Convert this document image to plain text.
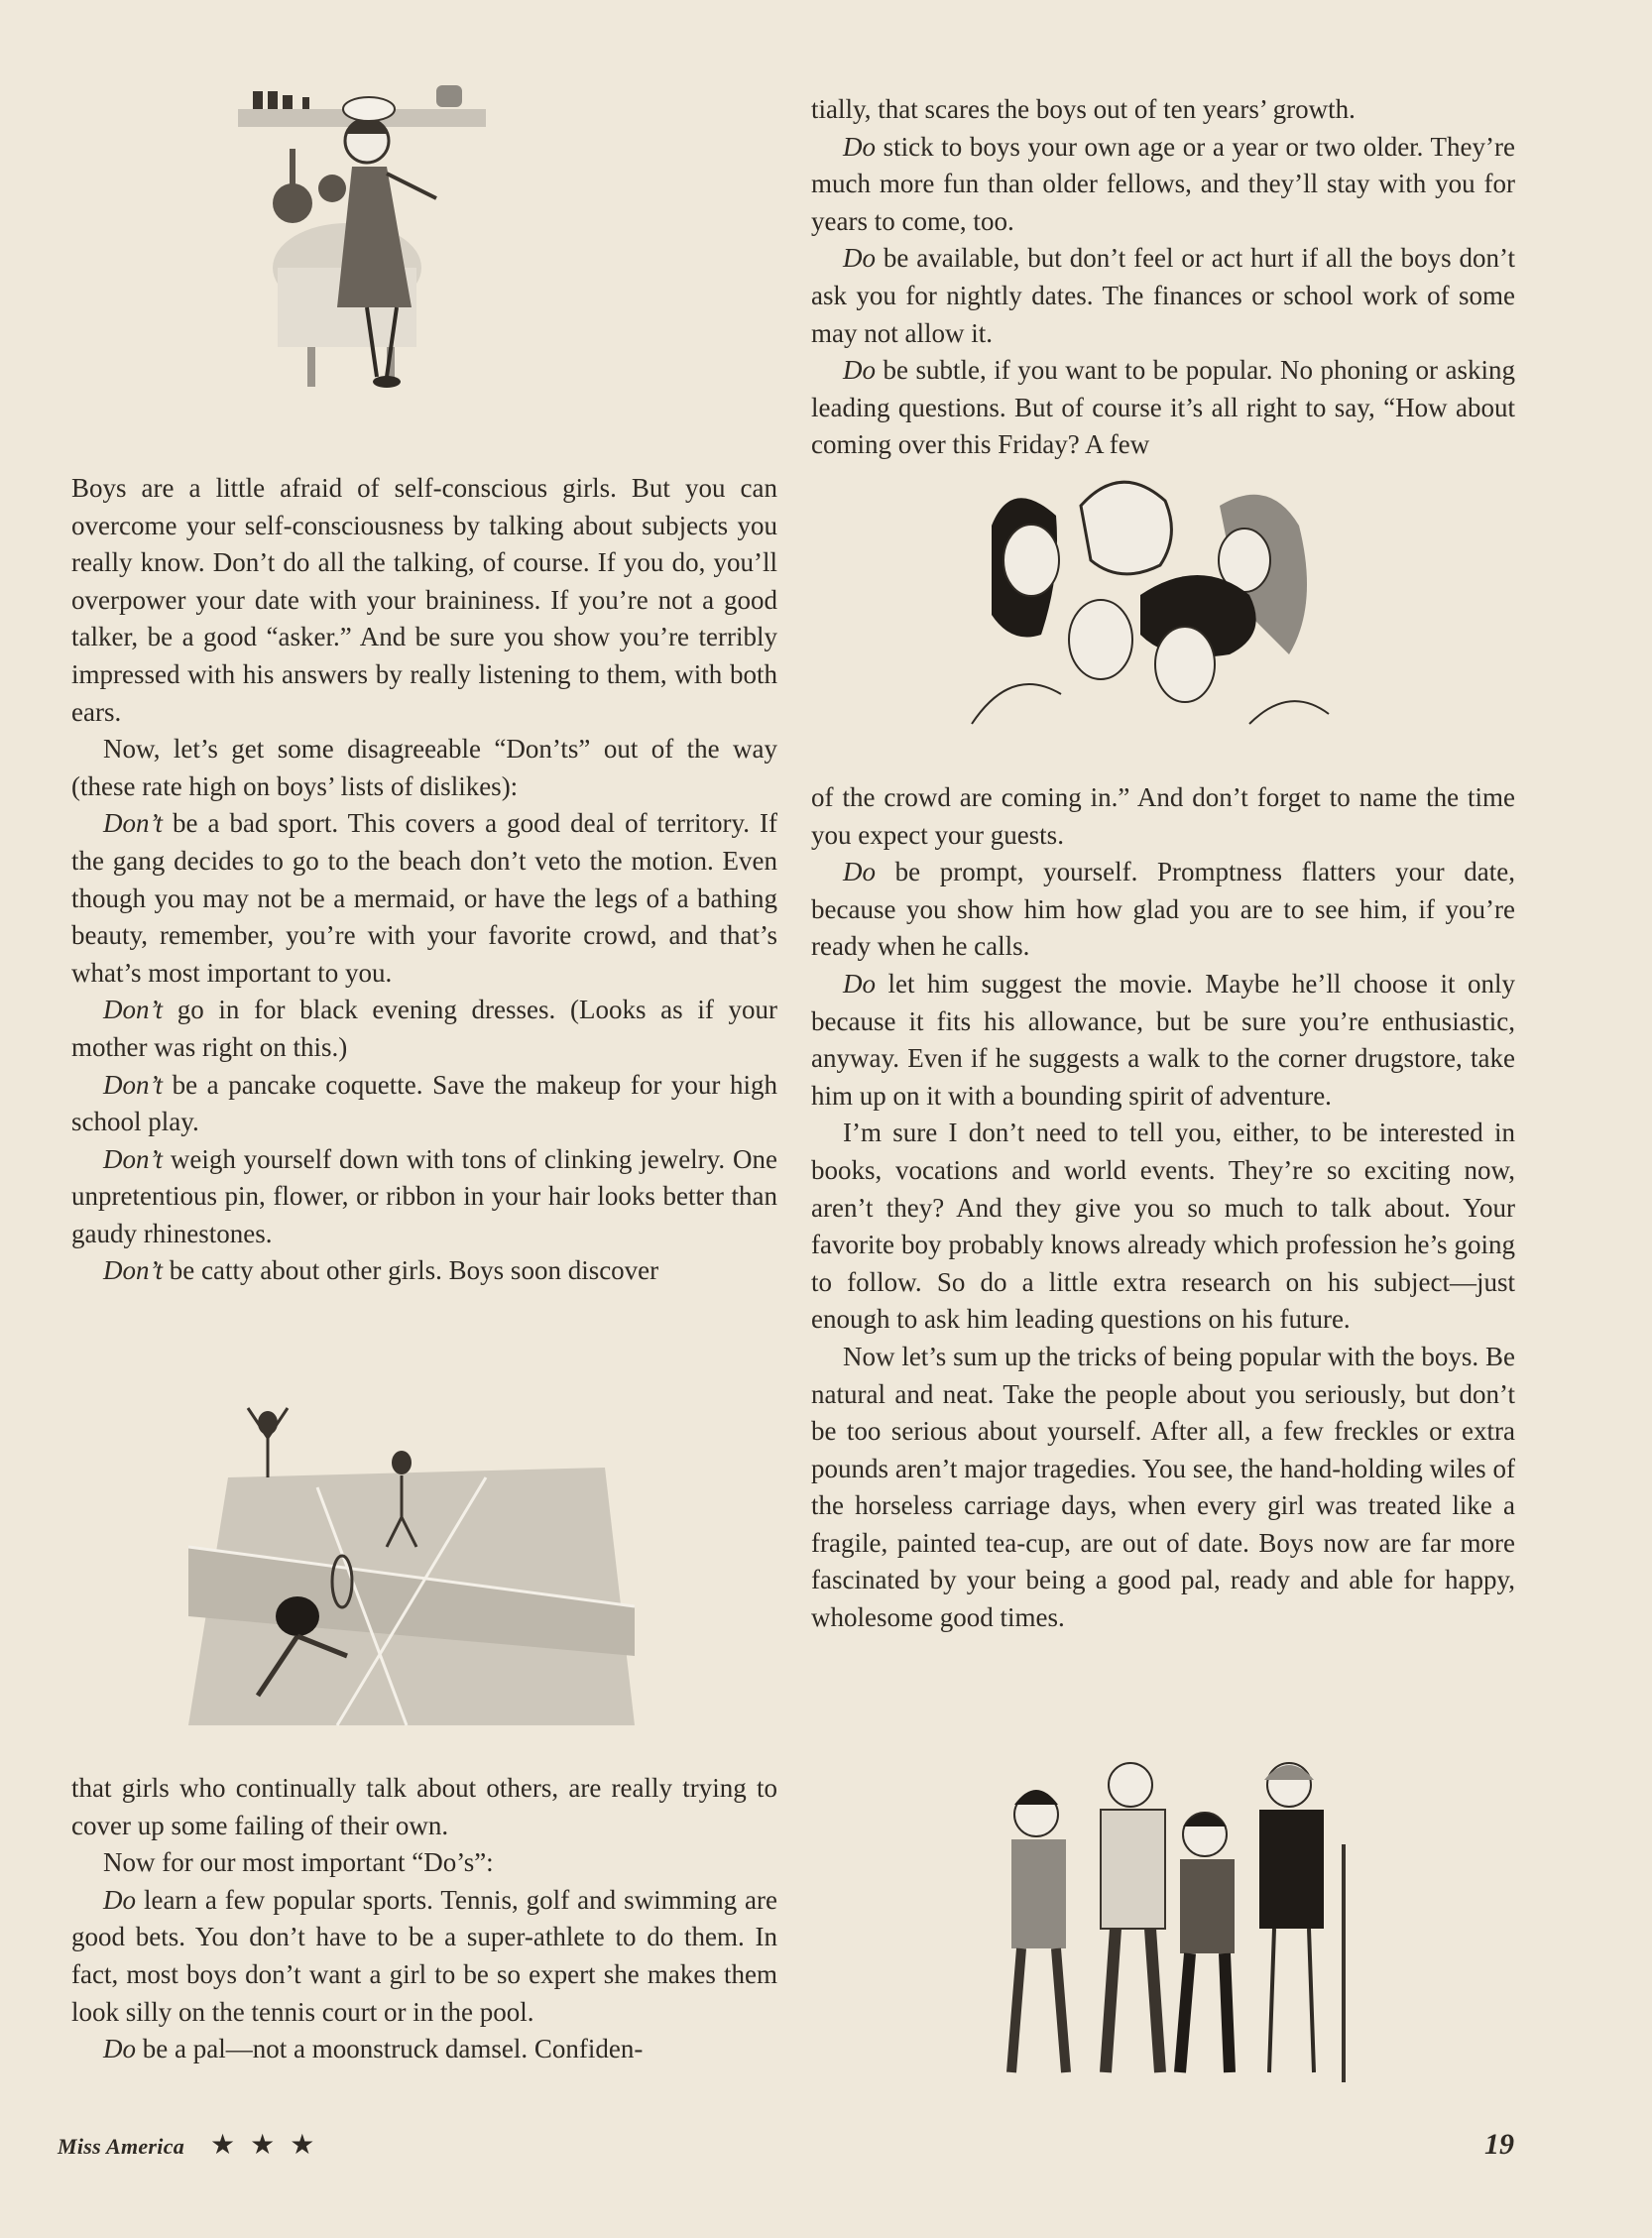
Boys are a little afraid of self-conscious girls. But you can overcome your self-consciousness by talking about subjects you really know. Don’t do all the talking, of course. If you do, you’ll overpower your date with your braininess. If you’re not a good talker, be a good “asker.” And be sure you show you’re terribly impressed with his answers by really listening to them, with both ears.

Now, let’s get some disagreeable “Don’ts” out of the way (these rate high on boys’ lists of dislikes):

Don’t be a bad sport. This covers a good deal of territory. If the gang decides to go to the beach don’t veto the motion. Even though you may not be a mermaid, or have the legs of a bathing beauty, remember, you’re with your favorite crowd, and that’s what’s most important to you.

Don’t go in for black evening dresses. (Looks as if your mother was right on this.)

Don’t be a pancake coquette. Save the makeup for your high school play.

Don’t weigh yourself down with tons of clinking jewelry. One unpretentious pin, flower, or ribbon in your hair looks better than gaudy rhinestones.

Don’t be catty about other girls. Boys soon discover

that girls who continually talk about others, are really trying to cover up some failing of their own.

Now for our most important “Do’s”:

Do learn a few popular sports. Tennis, golf and swimming are good bets. You don’t have to be a super-athlete to do them. In fact, most boys don’t want a girl to be so expert she makes them look silly on the tennis court or in the pool.

Do be a pal—not a moonstruck damsel. Confiden-

tially, that scares the boys out of ten years’ growth.

Do stick to boys your own age or a year or two older. They’re much more fun than older fellows, and they’ll stay with you for years to come, too.

Do be available, but don’t feel or act hurt if all the boys don’t ask you for nightly dates. The finances or school work of some may not allow it.

Do be subtle, if you want to be popular. No phoning or asking leading questions. But of course it’s all right to say, “How about coming over this Friday? A few

of the crowd are coming in.” And don’t forget to name the time you expect your guests.

Do be prompt, yourself. Promptness flatters your date, because you show him how glad you are to see him, if you’re ready when he calls.

Do let him suggest the movie. Maybe he’ll choose it only because it fits his allowance, but be sure you’re enthusiastic, anyway. Even if he suggests a walk to the corner drugstore, take him up on it with a bounding spirit of adventure.

I’m sure I don’t need to tell you, either, to be interested in books, vocations and world events. They’re so exciting now, aren’t they? And they give you so much to talk about. Your favorite boy probably knows already which profession he’s going to follow. So do a little extra research on his subject—just enough to ask him leading questions on his future.

Now let’s sum up the tricks of being popular with the boys. Be natural and neat. Take the people about you seriously, but don’t be too serious about yourself. After all, a few freckles or extra pounds aren’t major tragedies. You see, the hand-holding wiles of the horseless carriage days, when every girl was treated like a fragile, painted tea-cup, are out of date. Boys now are far more fascinated by your being a good pal, ready and able for happy, wholesome good times.

Miss America ★ ★ ★	19
